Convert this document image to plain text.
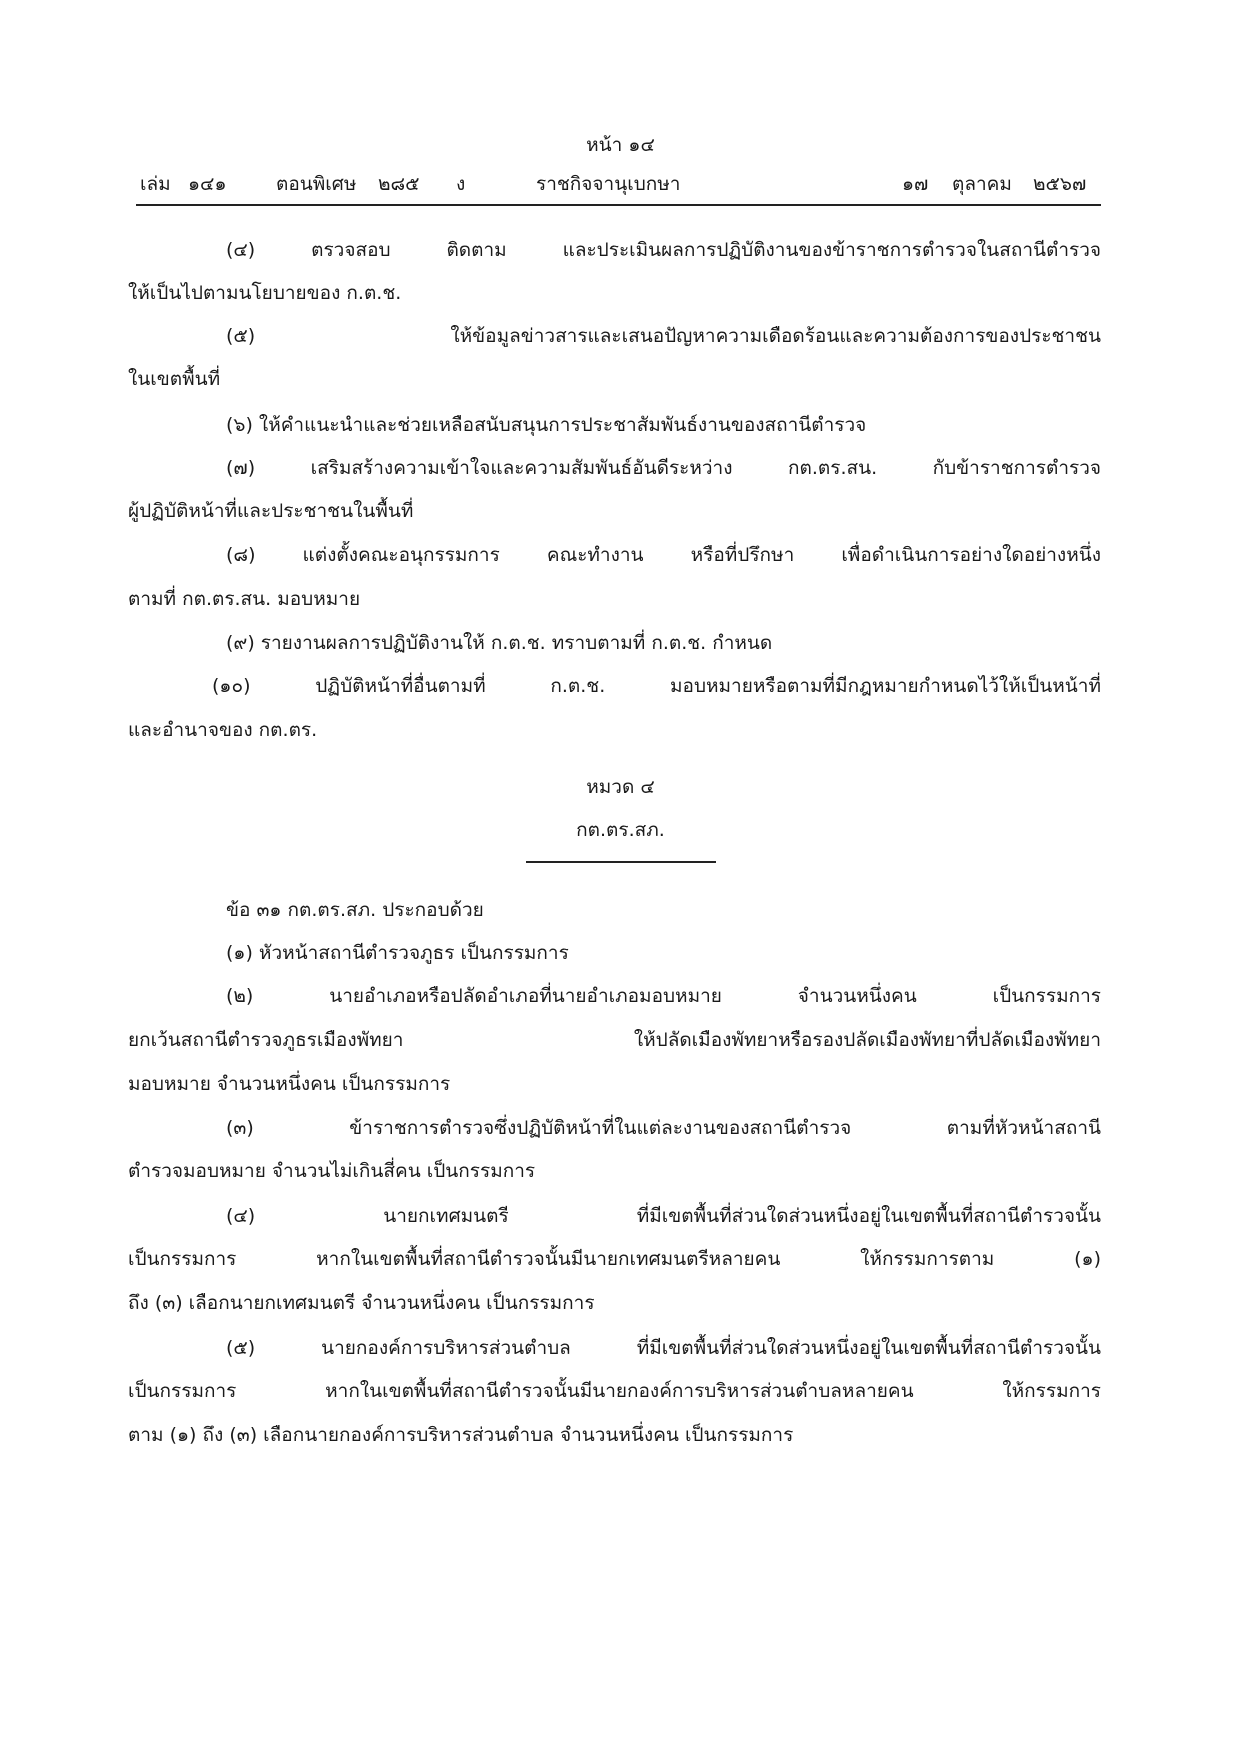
หน้า ๑๔
เล่ม ๑๔๑	ตอนพิเศษ ๒๘๕ ง	ราชกิจจานุเบกษา	๑๗ ตุลาคม ๒๕๖๗
(๔) ตรวจสอบ ติดตาม และประเมินผลการปฏิบัติงานของข้าราชการตำรวจในสถานีตำรวจ
ให้เป็นไปตามนโยบายของ ก.ต.ช.
(๕) ให้ข้อมูลข่าวสารและเสนอปัญหาความเดือดร้อนและความต้องการของประชาชน
ในเขตพื้นที่
(๖) ให้คำแนะนำและช่วยเหลือสนับสนุนการประชาสัมพันธ์งานของสถานีตำรวจ
(๗) เสริมสร้างความเข้าใจและความสัมพันธ์อันดีระหว่าง กต.ตร.สน. กับข้าราชการตำรวจ
ผู้ปฏิบัติหน้าที่และประชาชนในพื้นที่
(๘) แต่งตั้งคณะอนุกรรมการ คณะทำงาน หรือที่ปรึกษา เพื่อดำเนินการอย่างใดอย่างหนึ่ง
ตามที่ กต.ตร.สน. มอบหมาย
(๙) รายงานผลการปฏิบัติงานให้ ก.ต.ช. ทราบตามที่ ก.ต.ช. กำหนด
(๑๐) ปฏิบัติหน้าที่อื่นตามที่ ก.ต.ช. มอบหมายหรือตามที่มีกฎหมายกำหนดไว้ให้เป็นหน้าที่
และอำนาจของ กต.ตร.
หมวด ๔
กต.ตร.สภ.
ข้อ ๓๑ กต.ตร.สภ. ประกอบด้วย
(๑) หัวหน้าสถานีตำรวจภูธร เป็นกรรมการ
(๒) นายอำเภอหรือปลัดอำเภอที่นายอำเภอมอบหมาย จำนวนหนึ่งคน เป็นกรรมการ
ยกเว้นสถานีตำรวจภูธรเมืองพัทยา ให้ปลัดเมืองพัทยาหรือรองปลัดเมืองพัทยาที่ปลัดเมืองพัทยา
มอบหมาย จำนวนหนึ่งคน เป็นกรรมการ
(๓) ข้าราชการตำรวจซึ่งปฏิบัติหน้าที่ในแต่ละงานของสถานีตำรวจ ตามที่หัวหน้าสถานี
ตำรวจมอบหมาย จำนวนไม่เกินสี่คน เป็นกรรมการ
(๔) นายกเทศมนตรี ที่มีเขตพื้นที่ส่วนใดส่วนหนึ่งอยู่ในเขตพื้นที่สถานีตำรวจนั้น
เป็นกรรมการ หากในเขตพื้นที่สถานีตำรวจนั้นมีนายกเทศมนตรีหลายคน ให้กรรมการตาม (๑)
ถึง (๓) เลือกนายกเทศมนตรี จำนวนหนึ่งคน เป็นกรรมการ
(๕) นายกองค์การบริหารส่วนตำบล ที่มีเขตพื้นที่ส่วนใดส่วนหนึ่งอยู่ในเขตพื้นที่สถานีตำรวจนั้น
เป็นกรรมการ หากในเขตพื้นที่สถานีตำรวจนั้นมีนายกองค์การบริหารส่วนตำบลหลายคน ให้กรรมการ
ตาม (๑) ถึง (๓) เลือกนายกองค์การบริหารส่วนตำบล จำนวนหนึ่งคน เป็นกรรมการ
